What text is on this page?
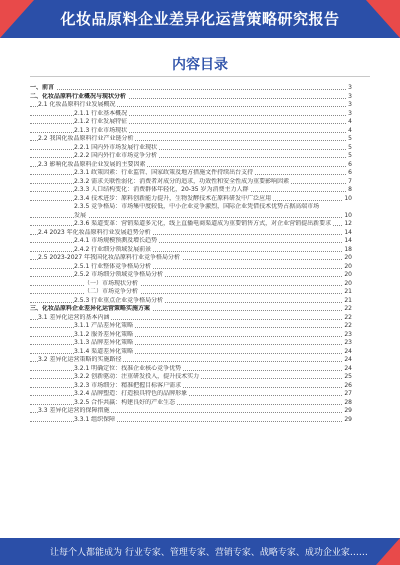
化妆品原料企业差异化运营策略研究报告
内容目录
一、前言	3
二、化妆品原料行业概况与现状分析	3
2.1 化妆品原料行业发展概况	3
2.1.1 行业基本概况	3
2.1.2 行业发展特征	4
2.1.3 行业市场现状	4
2.2 我国化妆品原料行业产业链分析	5
2.2.1 国内外市场发展行业现状	5
2.2.2 国内外行业市场竞争分析	5
2.3 影响化妆品原料企业发展的主要因素	6
2.3.1 政策因素：行业监管、国家政策及地方措施文件持续出台支持	6
2.3.2 需求关联性弱化：消费者对成分的追求，功效性和安全性成为重要影响因素	7
2.3.3 人口结构变化：消费群体年轻化，20-35 岁为消费主力人群	8
2.3.4 技术进步：原料创新能力提升，生物发酵技术在原料研发中广泛应用	10
2.3.5 竞争格局：市场集中度较低，中小企业竞争激烈，国际企业凭借技术优势占据高端市场
发展	10
2.3.6 渠道变革：营销渠道多元化，线上直播电商渠道成为重要销售方式，对企业营销提出新要求	12
2.4 2023 年化妆品原料行业发展趋势分析	14
2.4.1 市场规模预测及增长趋势	14
2.4.2 行业细分领域发展前景	18
2.5 2023-2027 年我国化妆品原料行业竞争格局分析	20
2.5.1 行业整体竞争格局分析	20
2.5.2 市场细分领域竞争格局分析	20
（一）市场现状分析	20
（二）市场竞争分析	21
2.5.3 行业重点企业竞争格局分析	21
三、化妆品原料企业差异化运营策略实施方案	22
3.1 差异化运营的基本内涵	22
3.1.1 产品差异化策略	22
3.1.2 服务差异化策略	23
3.1.3 品牌差异化策略	23
3.1.4 渠道差异化策略	24
3.2 差异化运营策略的实施路径	24
3.2.1 明确定位：找准企业核心竞争优势	24
3.2.2 创新驱动：注重研发投入，提升技术实力	25
3.2.3 市场细分：精准把握目标客户需求	26
3.2.4 品牌塑造：打造独具特色的品牌形象	27
3.2.5 合作共赢：构建良好的产业生态	28
3.3 差异化运营的保障措施	29
3.3.1 组织保障	29
让每个人都能成为 行业专家、管理专家、营销专家、战略专家、成功企业家……
